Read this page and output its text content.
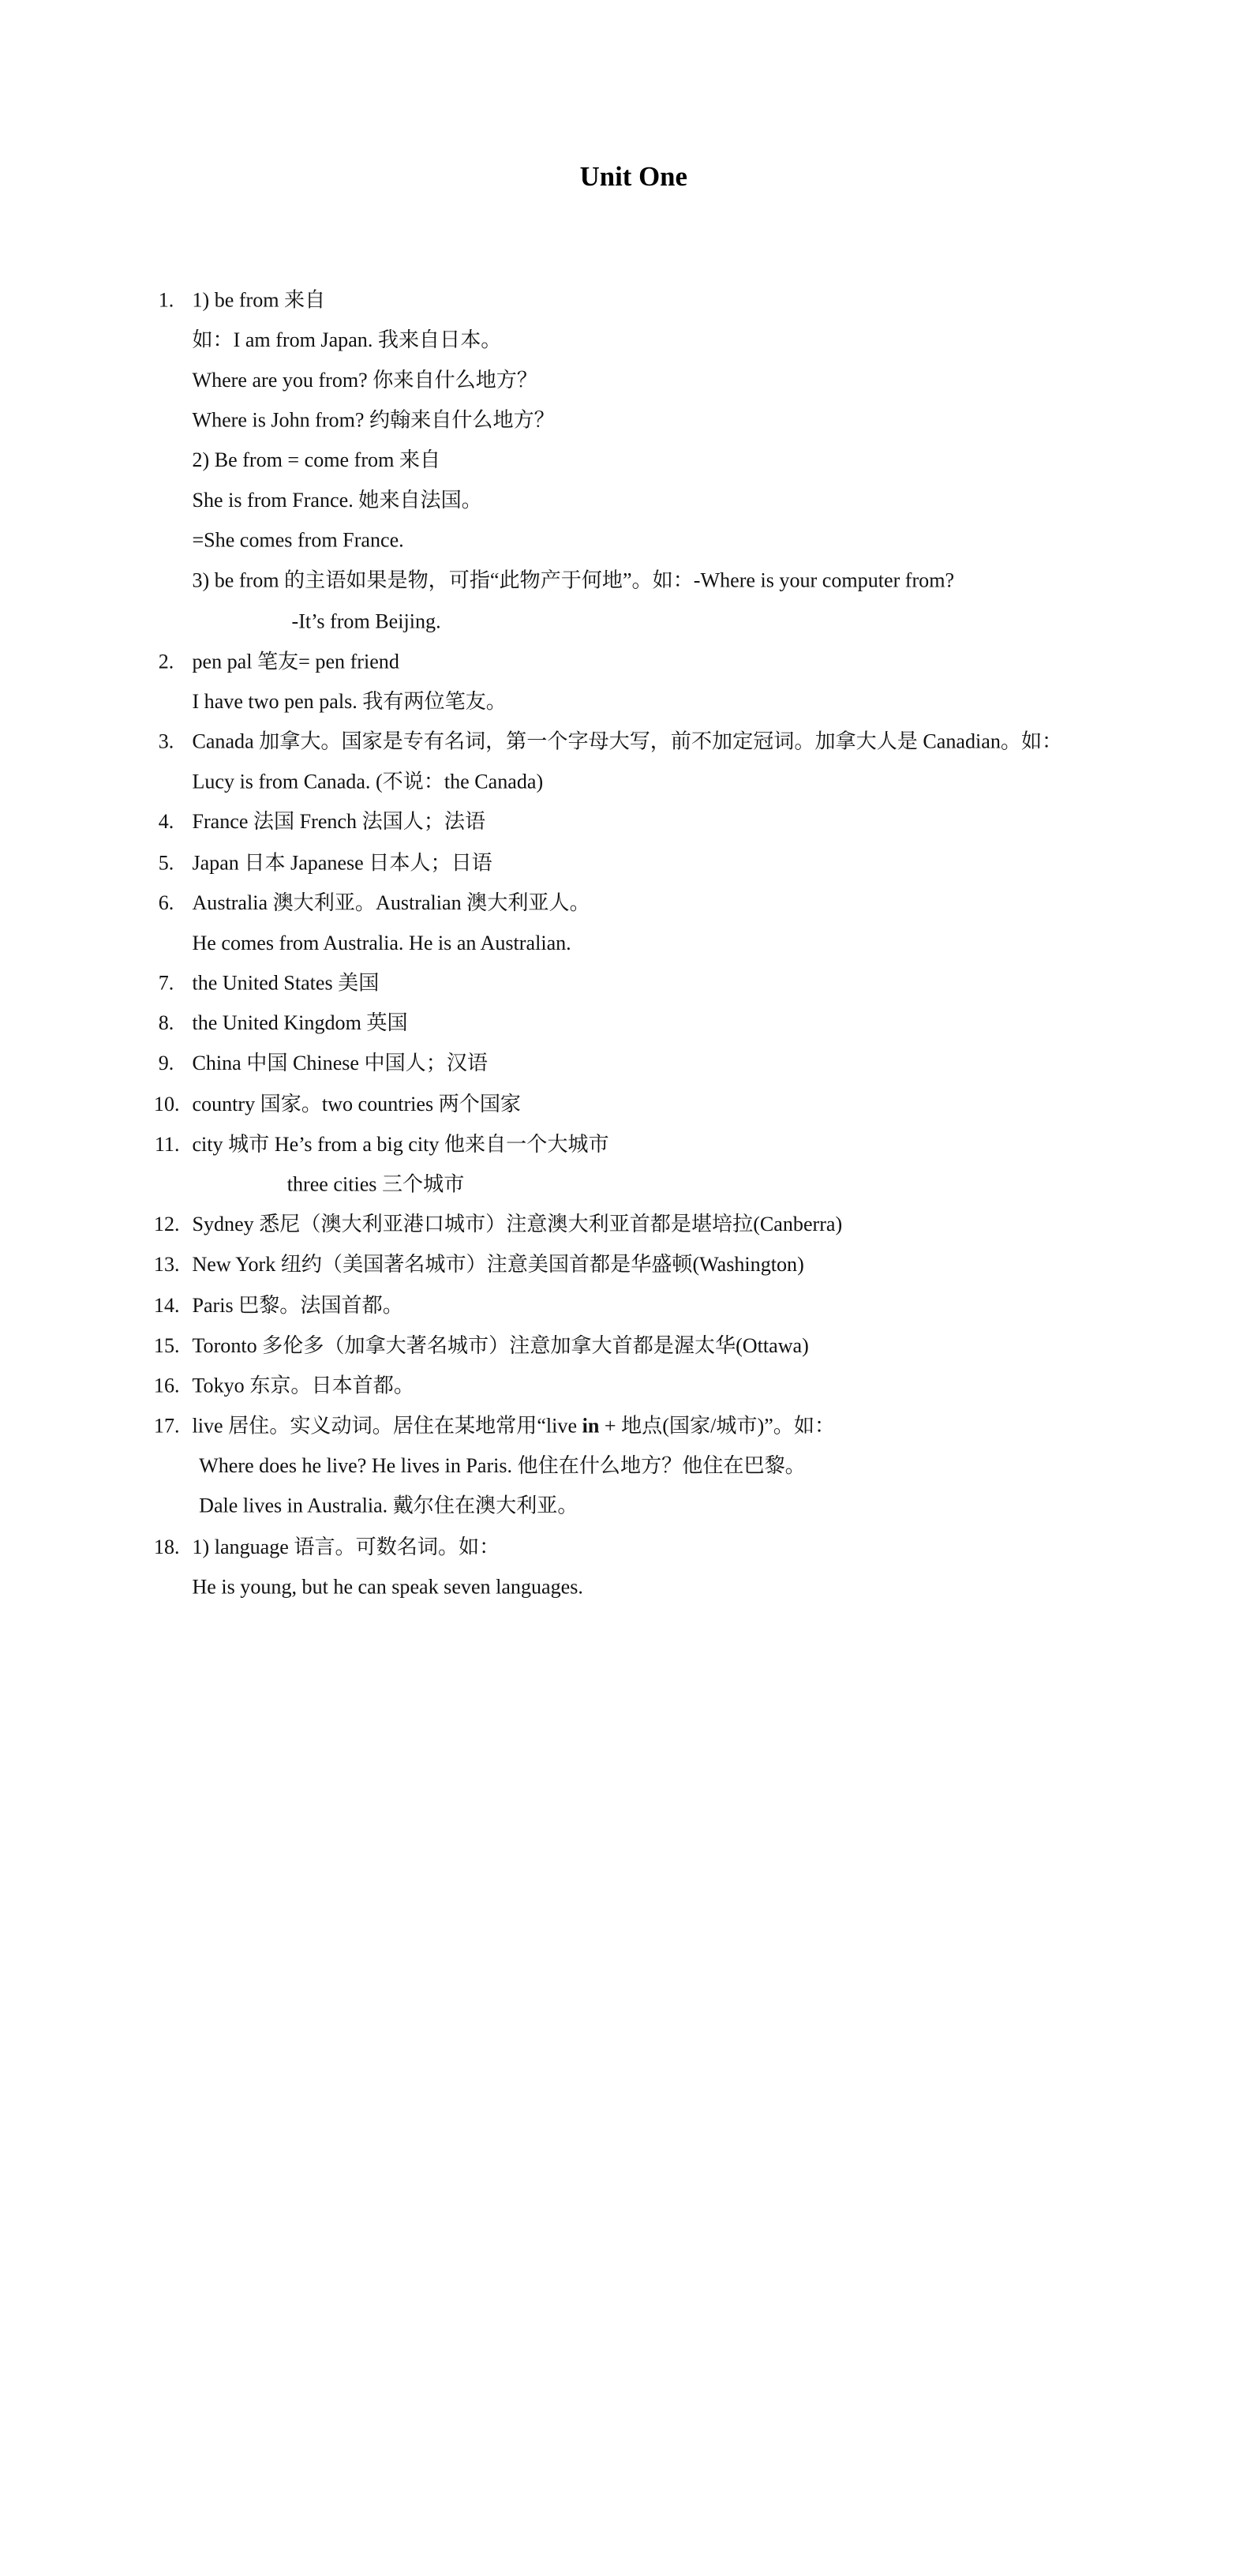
Unit One
1. 1) be from 来自
如：I am from Japan. 我来自日本。
Where are you from? 你来自什么地方？
Where is John from? 约翰来自什么地方？
2) Be from = come from 来自
She is from France. 她来自法国。
=She comes from France.
3) be from 的主语如果是物，可指“此物产于何地”。如：-Where is your computer from?
-It’s from Beijing.
2. pen pal 笔友= pen friend
I have two pen pals. 我有两位笔友。
3. Canada 加拿大。国家是专有名词，第一个字母大写，前不加定冠词。加拿大人是 Canadian。如：
Lucy is from Canada. (不说：the Canada)
4. France 法国 French 法国人；法语
5. Japan 日本 Japanese 日本人；日语
6. Australia 澳大利亚。Australian 澳大利亚人。
He comes from Australia. He is an Australian.
7. the United States 美国
8. the United Kingdom 英国
9. China 中国 Chinese 中国人；汉语
10. country 国家。two countries 两个国家
11. city 城市 He’s from a big city 他来自一个大城市
three cities 三个城市
12. Sydney 悉尼（澳大利亚港口城市）注意澳大利亚首都是堪培拉(Canberra)
13. New York 纽约（美国著名城市）注意美国首都是华盛顿(Washington)
14. Paris 巴黎。法国首都。
15. Toronto 多伦多（加拿大著名城市）注意加拿大首都是渥太华(Ottawa)
16. Tokyo 东京。日本首都。
17. live 居住。实义动词。居住在某地常用“live in + 地点(国家/城市)”。如：
Where does he live? He lives in Paris. 他住在什么地方？他住在巴黎。
Dale lives in Australia. 戴尔住在澳大利亚。
18. 1) language 语言。可数名词。如：
He is young, but he can speak seven languages.
